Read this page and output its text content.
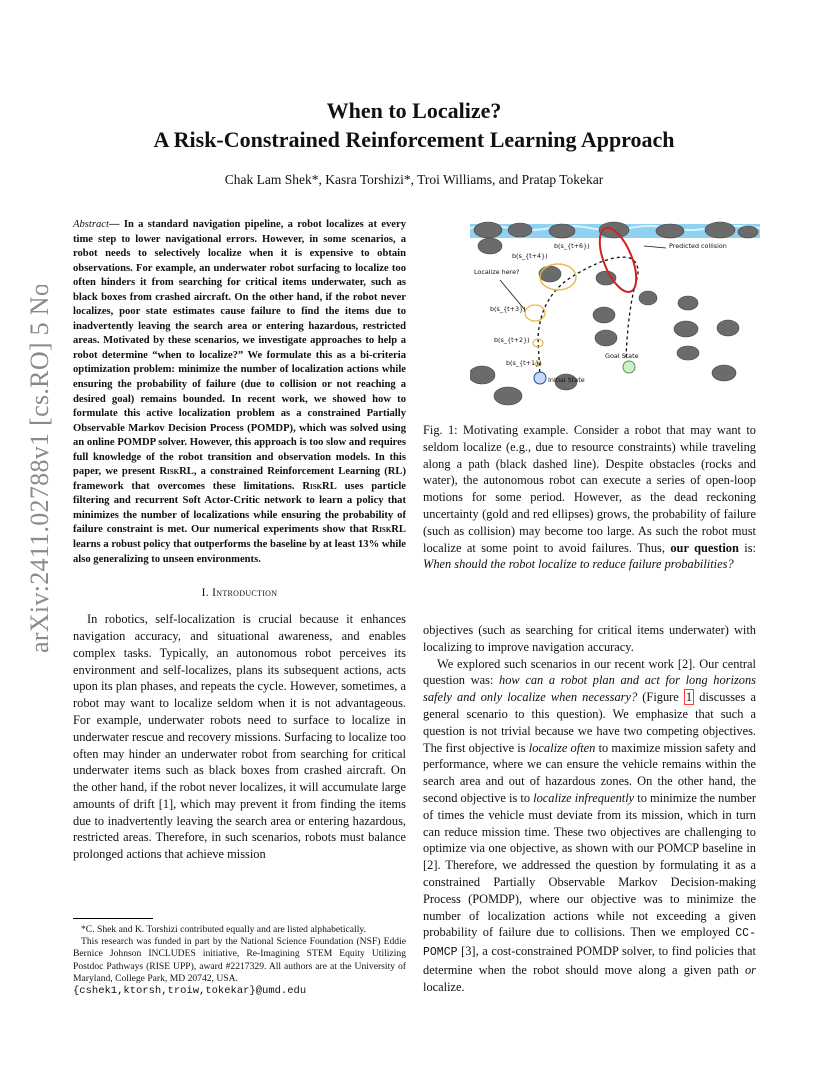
arXiv:2411.02788v1 [cs.RO] 5 Nov 2024
When to Localize?
A Risk-Constrained Reinforcement Learning Approach
Chak Lam Shek*, Kasra Torshizi*, Troi Williams, and Pratap Tokekar
Abstract— In a standard navigation pipeline, a robot localizes at every time step to lower navigational errors. However, in some scenarios, a robot needs to selectively localize when it is expensive to obtain observations. For example, an underwater robot surfacing to localize too often hinders it from searching for critical items underwater, such as black boxes from crashed aircraft. On the other hand, if the robot never localizes, poor state estimates cause failure to find the items due to inadvertently leaving the search area or entering hazardous, restricted areas. Motivated by these scenarios, we investigate approaches to help a robot determine “when to localize?” We formulate this as a bi-criteria optimization problem: minimize the number of localization actions while ensuring the probability of failure (due to collision or not reaching a desired goal) remains bounded. In recent work, we showed how to formulate this active localization problem as a constrained Partially Observable Markov Decision Process (POMDP), which was solved using an online POMDP solver. However, this approach is too slow and requires full knowledge of the robot transition and observation models. In this paper, we present RiskRL, a constrained Reinforcement Learning (RL) framework that overcomes these limitations. RiskRL uses particle filtering and recurrent Soft Actor-Critic network to learn a policy that minimizes the number of localizations while ensuring the probability of failure constraint is met. Our numerical experiments show that RiskRL learns a robust policy that outperforms the baseline by at least 13% while also generalizing to unseen environments.
I. Introduction

In robotics, self-localization is crucial because it enhances navigation accuracy, and situational awareness, and enables complex tasks. Typically, an autonomous robot perceives its environment and self-localizes, plans its subsequent actions, acts upon its plan phases, and repeats the cycle. However, sometimes, a robot may want to localize seldom when it is not advantageous. For example, underwater robots need to surface to localize in underwater rescue and recovery missions. Surfacing to localize too often may hinder an underwater robot from searching for critical underwater items such as black boxes from crashed aircraft. On the other hand, if the robot never localizes, it will accumulate large amounts of drift [1], which may prevent it from finding the items due to inadvertently leaving the search area or entering hazardous, restricted areas. Therefore, in such scenarios, robots must balance prolonged actions that achieve mission

*C. Shek and K. Torshizi contributed equally and are listed alphabetically.

This research was funded in part by the National Science Foundation (NSF) Eddie Bernice Johnson INCLUDES initiative, Re-Imagining STEM Equity Utilizing Postdoc Pathways (RISE UPP), award #2217329. All authors are at the University of Maryland, College Park, MD 20742, USA.

{cshek1,ktorsh,troiw,tokekar}@umd.edu
b(s_{t+6})
b(s_{t+4})
b(s_{t+3})
b(s_{t+2})
b(s_{t+1})
Localize here?
Predicted collision
Goal State
Initial State
Fig. 1: Motivating example. Consider a robot that may want to seldom localize (e.g., due to resource constraints) while traveling along a path (black dashed line). Despite obstacles (rocks and water), the autonomous robot can execute a series of open-loop motions for some period. However, as the dead reckoning uncertainty (gold and red ellipses) grows, the probability of failure (such as collision) may become too large. As such the robot must localize at some point to avoid failures. Thus, our question is: When should the robot localize to reduce failure probabilities?

objectives (such as searching for critical items underwater) with localizing to improve navigation accuracy.

We explored such scenarios in our recent work [2]. Our central question was: how can a robot plan and act for long horizons safely and only localize when necessary? (Figure 1 discusses a general scenario to this question). We emphasize that such a question is not trivial because we have two competing objectives. The first objective is localize often to maximize mission safety and performance, where we can ensure the vehicle remains within the search area and out of hazardous zones. On the other hand, the second objective is to localize infrequently to minimize the number of times the vehicle must deviate from its mission, which in turn can reduce mission time. These two objectives are challenging to optimize via one objective, as shown with our POMCP baseline in [2]. Therefore, we addressed the question by formulating it as a constrained Partially Observable Markov Decision-making Process (POMDP), where our objective was to minimize the number of localization actions while not exceeding a given probability of failure due to collisions. Then we employed CC-POMCP [3], a cost-constrained POMDP solver, to find policies that determine when the robot should move along a given path or localize.
